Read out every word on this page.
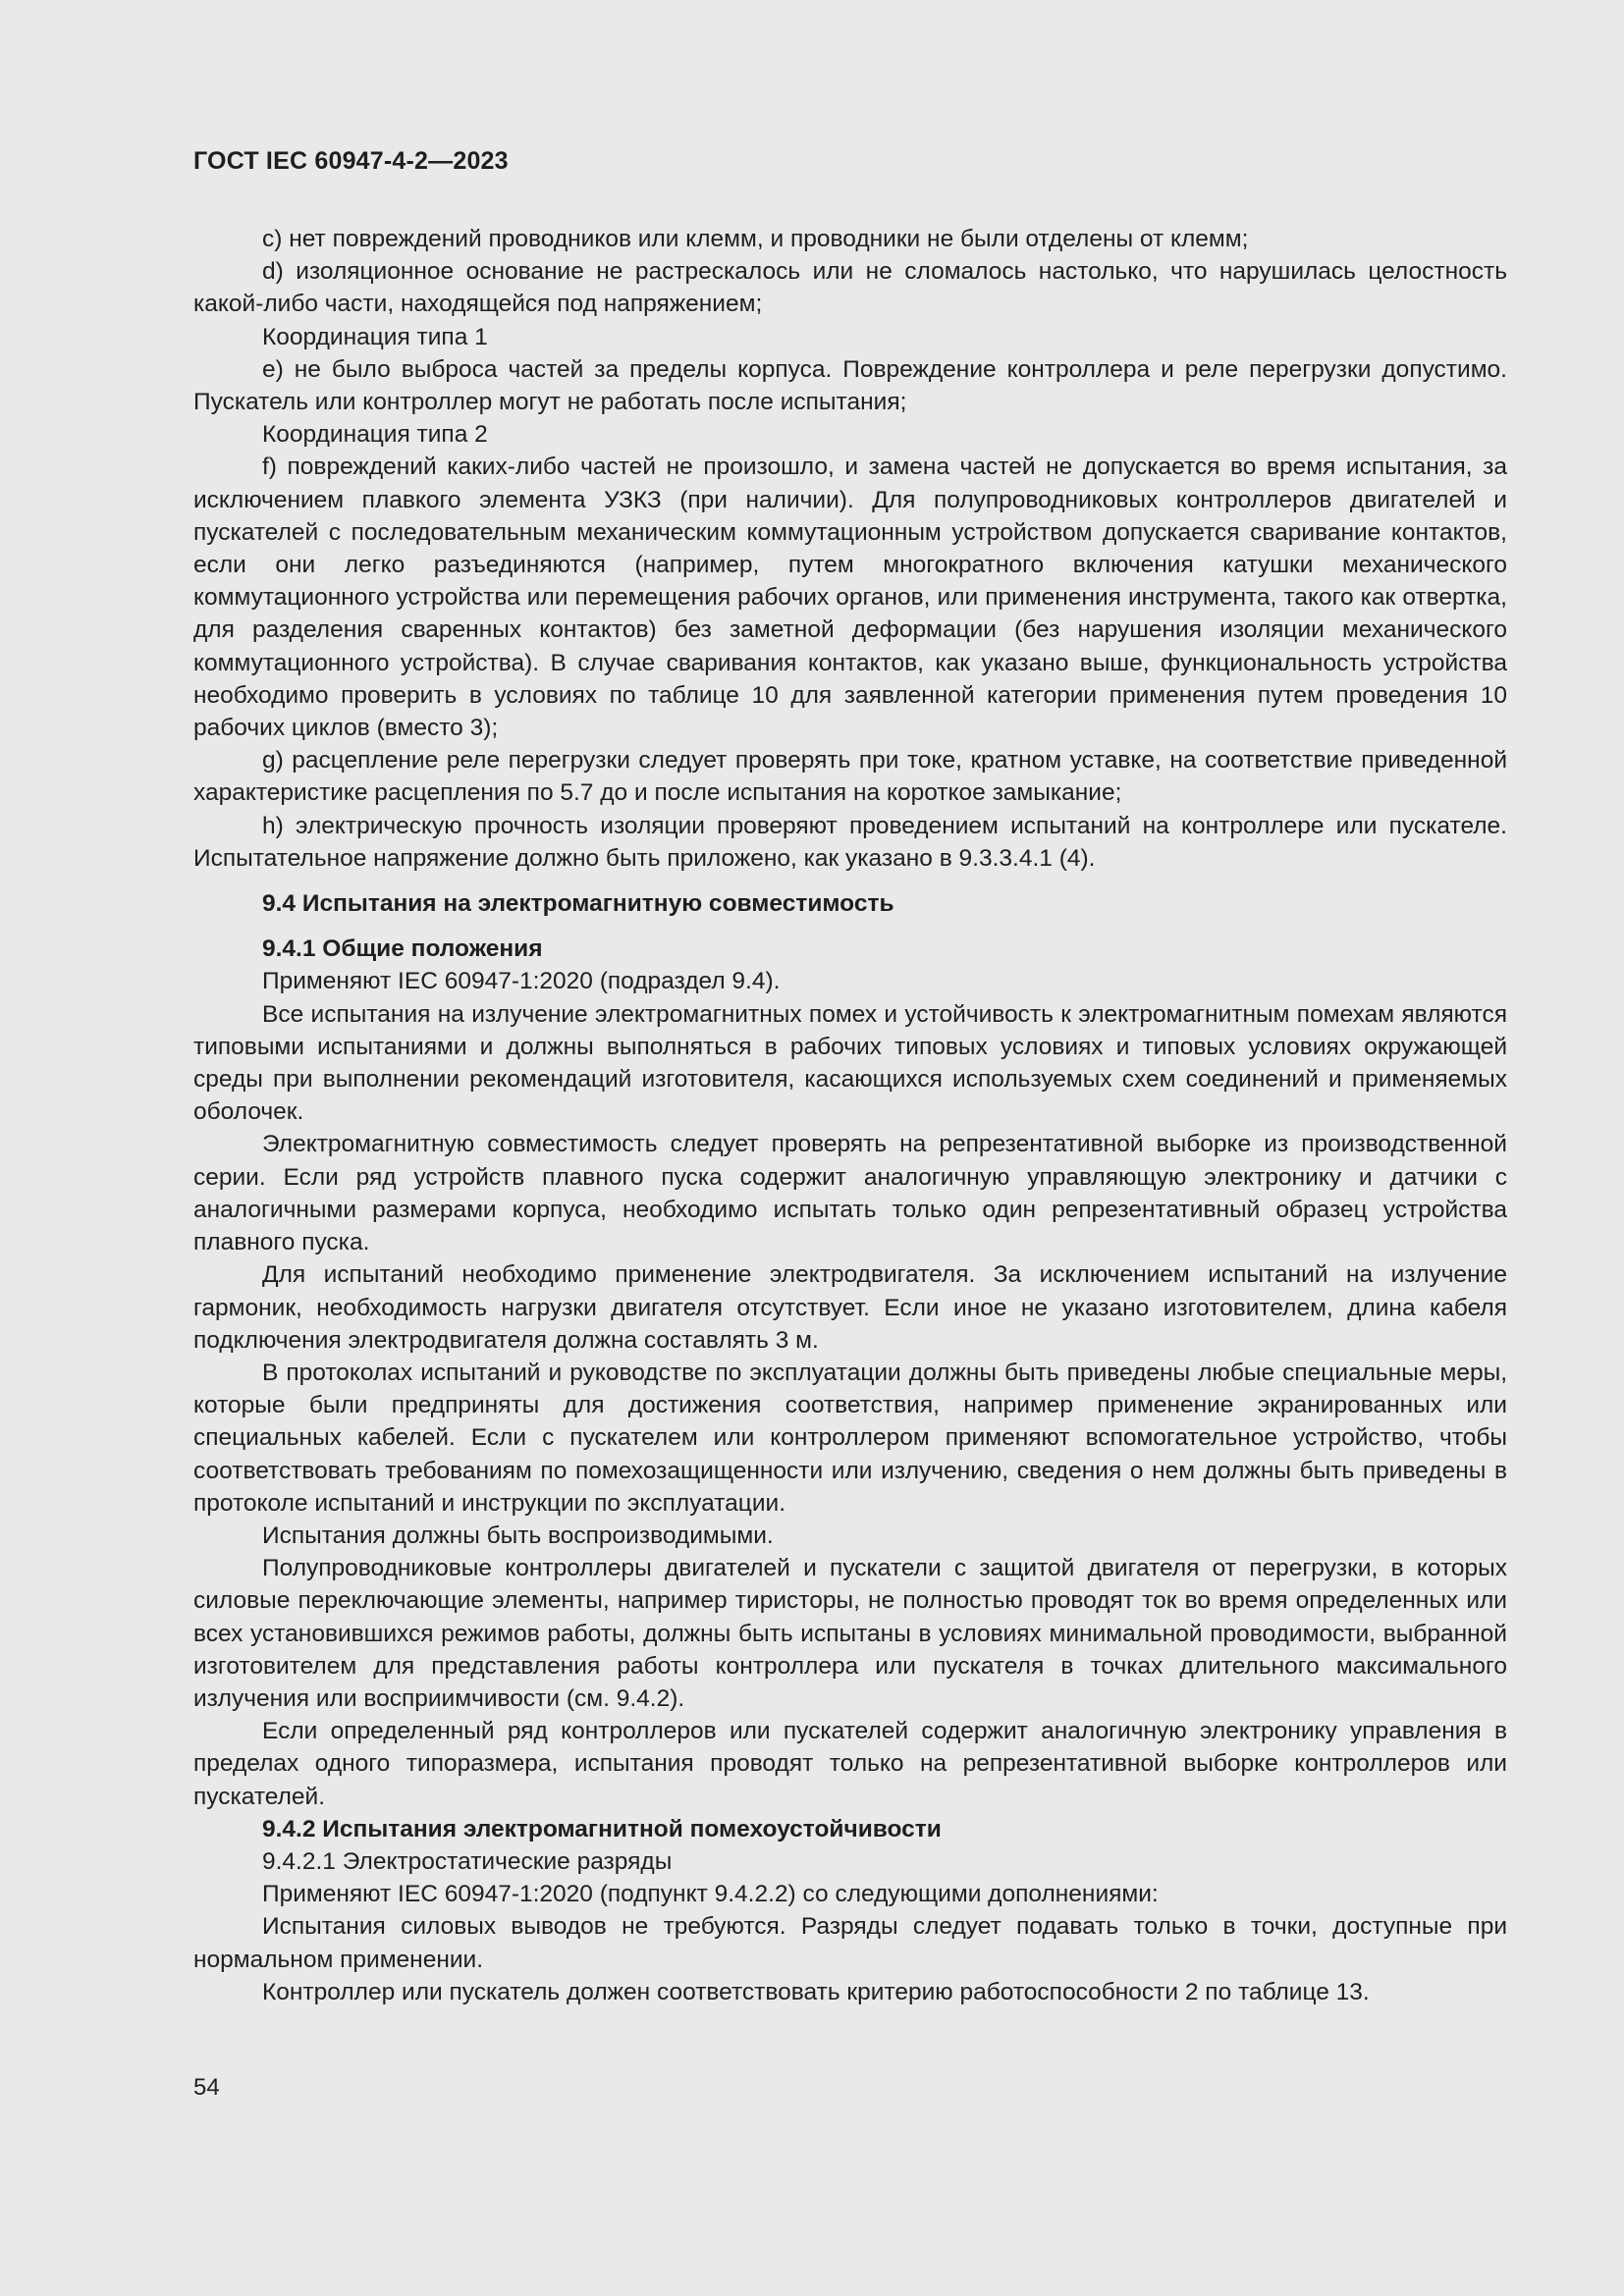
ГОСТ IEC 60947-4-2—2023

c) нет повреждений проводников или клемм, и проводники не были отделены от клемм;

d) изоляционное основание не растрескалось или не сломалось настолько, что нарушилась целостность какой-либо части, находящейся под напряжением;

Координация типа 1

e) не было выброса частей за пределы корпуса. Повреждение контроллера и реле перегрузки допустимо. Пускатель или контроллер могут не работать после испытания;

Координация типа 2

f) повреждений каких-либо частей не произошло, и замена частей не допускается во время испытания, за исключением плавкого элемента УЗКЗ (при наличии). Для полупроводниковых контроллеров двигателей и пускателей с последовательным механическим коммутационным устройством допускается сваривание контактов, если они легко разъединяются (например, путем многократного включения катушки механического коммутационного устройства или перемещения рабочих органов, или применения инструмента, такого как отвертка, для разделения сваренных контактов) без заметной деформации (без нарушения изоляции механического коммутационного устройства). В случае сваривания контактов, как указано выше, функциональность устройства необходимо проверить в условиях по таблице 10 для заявленной категории применения путем проведения 10 рабочих циклов (вместо 3);

g) расцепление реле перегрузки следует проверять при токе, кратном уставке, на соответствие приведенной характеристике расцепления по 5.7 до и после испытания на короткое замыкание;

h) электрическую прочность изоляции проверяют проведением испытаний на контроллере или пускателе. Испытательное напряжение должно быть приложено, как указано в 9.3.3.4.1 (4).

9.4 Испытания на электромагнитную совместимость

9.4.1 Общие положения

Применяют IEC 60947-1:2020 (подраздел 9.4).

Все испытания на излучение электромагнитных помех и устойчивость к электромагнитным помехам являются типовыми испытаниями и должны выполняться в рабочих типовых условиях и типовых условиях окружающей среды при выполнении рекомендаций изготовителя, касающихся используемых схем соединений и применяемых оболочек.

Электромагнитную совместимость следует проверять на репрезентативной выборке из производственной серии. Если ряд устройств плавного пуска содержит аналогичную управляющую электронику и датчики с аналогичными размерами корпуса, необходимо испытать только один репрезентативный образец устройства плавного пуска.

Для испытаний необходимо применение электродвигателя. За исключением испытаний на излучение гармоник, необходимость нагрузки двигателя отсутствует. Если иное не указано изготовителем, длина кабеля подключения электродвигателя должна составлять 3 м.

В протоколах испытаний и руководстве по эксплуатации должны быть приведены любые специальные меры, которые были предприняты для достижения соответствия, например применение экранированных или специальных кабелей. Если с пускателем или контроллером применяют вспомогательное устройство, чтобы соответствовать требованиям по помехозащищенности или излучению, сведения о нем должны быть приведены в протоколе испытаний и инструкции по эксплуатации.

Испытания должны быть воспроизводимыми.

Полупроводниковые контроллеры двигателей и пускатели с защитой двигателя от перегрузки, в которых силовые переключающие элементы, например тиристоры, не полностью проводят ток во время определенных или всех установившихся режимов работы, должны быть испытаны в условиях минимальной проводимости, выбранной изготовителем для представления работы контроллера или пускателя в точках длительного максимального излучения или восприимчивости (см. 9.4.2).

Если определенный ряд контроллеров или пускателей содержит аналогичную электронику управления в пределах одного типоразмера, испытания проводят только на репрезентативной выборке контроллеров или пускателей.

9.4.2 Испытания электромагнитной помехоустойчивости

9.4.2.1 Электростатические разряды

Применяют IEC 60947-1:2020 (подпункт 9.4.2.2) со следующими дополнениями:

Испытания силовых выводов не требуются. Разряды следует подавать только в точки, доступные при нормальном применении.

Контроллер или пускатель должен соответствовать критерию работоспособности 2 по таблице 13.

54
